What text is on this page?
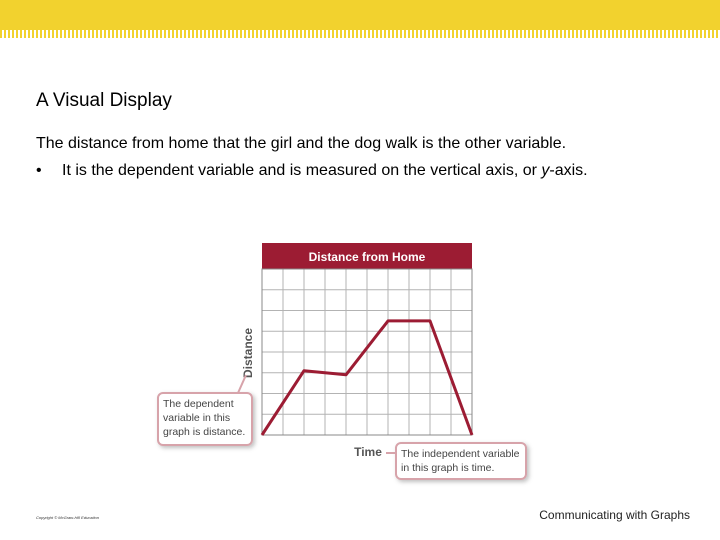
A Visual Display
The distance from home that the girl and the dog walk is the other variable.
• It is the dependent variable and is measured on the vertical axis, or y-axis.
Distance from Home
Distance
Time
The dependent variable in this graph is distance.
The independent variable in this graph is time.
Copyright © McGraw-Hill Education	Communicating with Graphs
